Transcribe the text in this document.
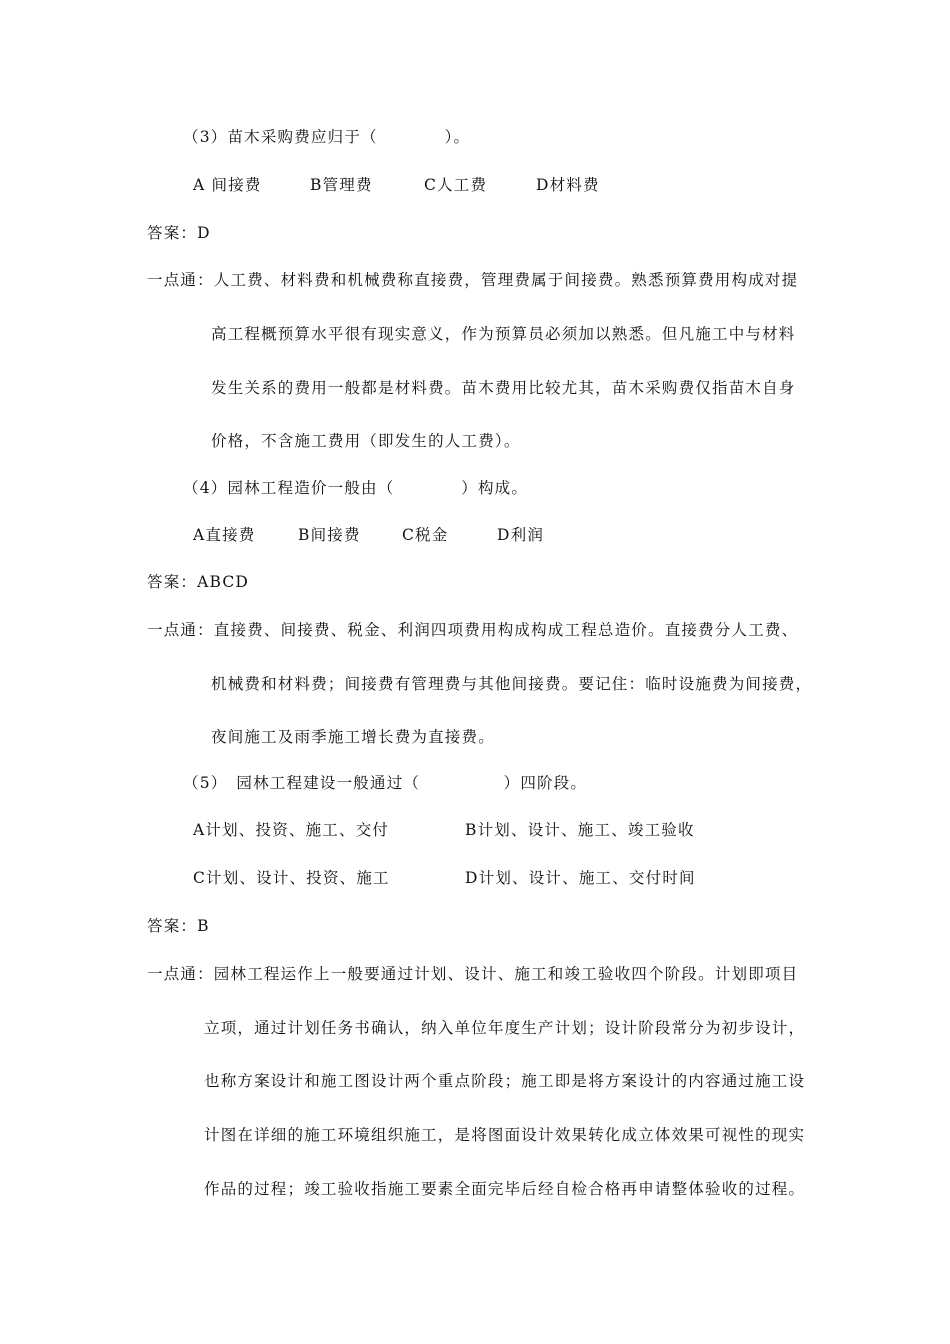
（3）苗木采购费应归于（　　　　）。
A 间接费	B管理费	C人工费	D材料费
答案：D
一点通：人工费、材料费和机械费称直接费，管理费属于间接费。熟悉预算费用构成对提
高工程概预算水平很有现实意义，作为预算员必须加以熟悉。但凡施工中与材料
发生关系的费用一般都是材料费。苗木费用比较尤其，苗木采购费仅指苗木自身
价格，不含施工费用（即发生的人工费）。
（4）园林工程造价一般由（　　　　）构成。
A直接费	B间接费	C税金	D利润
答案：ABCD
一点通：直接费、间接费、税金、利润四项费用构成构成工程总造价。直接费分人工费、
机械费和材料费；间接费有管理费与其他间接费。要记住：临时设施费为间接费，
夜间施工及雨季施工增长费为直接费。
（5）　园林工程建设一般通过（　　　　　）四阶段。
A计划、投资、施工、交付	B计划、设计、施工、竣工验收
C计划、设计、投资、施工	D计划、设计、施工、交付时间
答案：B
一点通：园林工程运作上一般要通过计划、设计、施工和竣工验收四个阶段。计划即项目
立项，通过计划任务书确认，纳入单位年度生产计划；设计阶段常分为初步设计，
也称方案设计和施工图设计两个重点阶段；施工即是将方案设计的内容通过施工设
计图在详细的施工环境组织施工，是将图面设计效果转化成立体效果可视性的现实
作品的过程；竣工验收指施工要素全面完毕后经自检合格再申请整体验收的过程。
